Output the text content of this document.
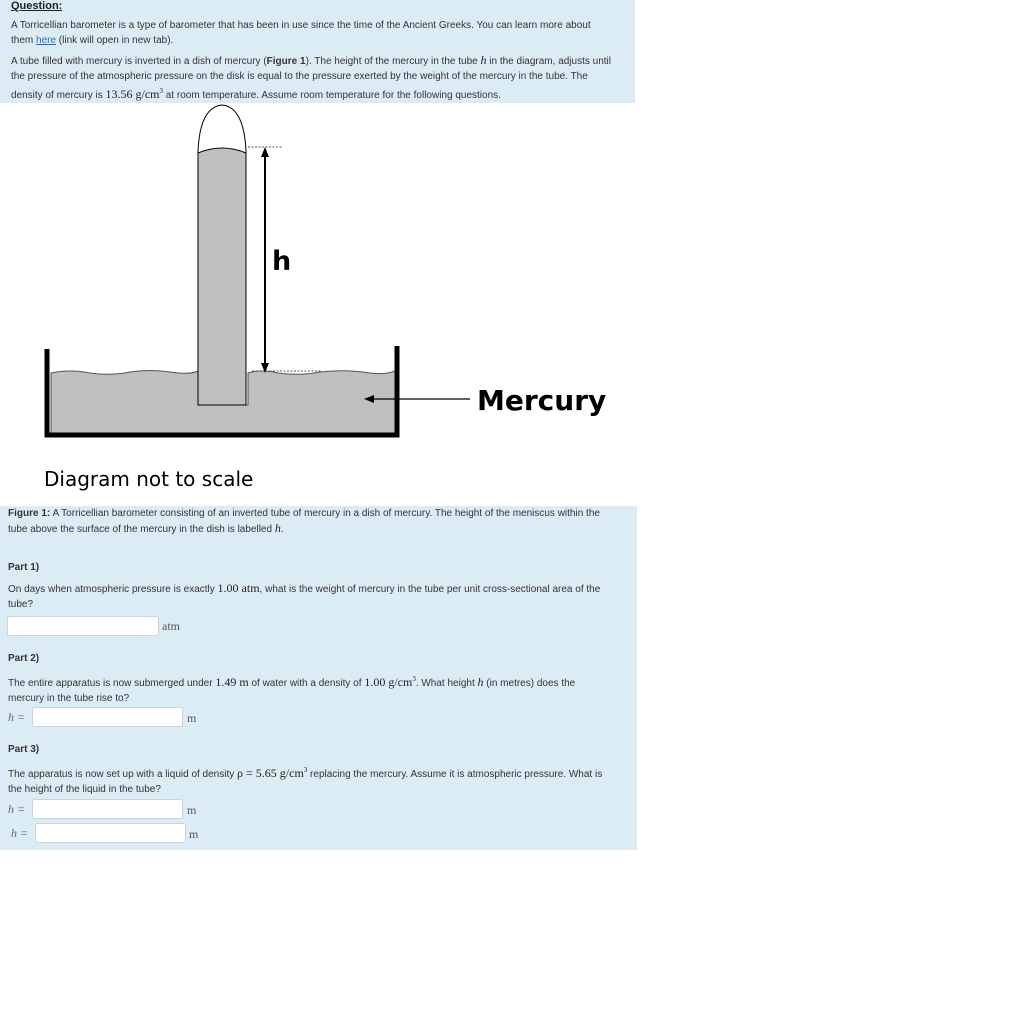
Question:
A Torricellian barometer is a type of barometer that has been in use since the time of the Ancient Greeks. You can learn more about them here (link will open in new tab).
A tube filled with mercury is inverted in a dish of mercury (Figure 1). The height of the mercury in the tube h in the diagram, adjusts until the pressure of the atmospheric pressure on the disk is equal to the pressure exerted by the weight of the mercury in the tube. The density of mercury is 13.56 $g/cm^3$ at room temperature. Assume room temperature for the following questions.
h
Mercury
Diagram not to scale
Figure 1: A Torricellian barometer consisting of an inverted tube of mercury in a dish of mercury. The height of the meniscus within the tube above the surface of the mercury in the dish is labelled h.
Part 1)
On days when atmospheric pressure is exactly 1.00 atm, what is the weight of mercury in the tube per unit cross-sectional area of the tube?
atm
Part 2)
The entire apparatus is now submerged under 1.49 m of water with a density of 1.00 $g/cm^3$. What height h (in metres) does the mercury in the tube rise to?
h =	m
Part 3)
The apparatus is now set up with a liquid of density ρ = 5.65 $g/cm^3$ replacing the mercury. Assume it is atmospheric pressure. What is the height of the liquid in the tube?
h =	m
h =	m
